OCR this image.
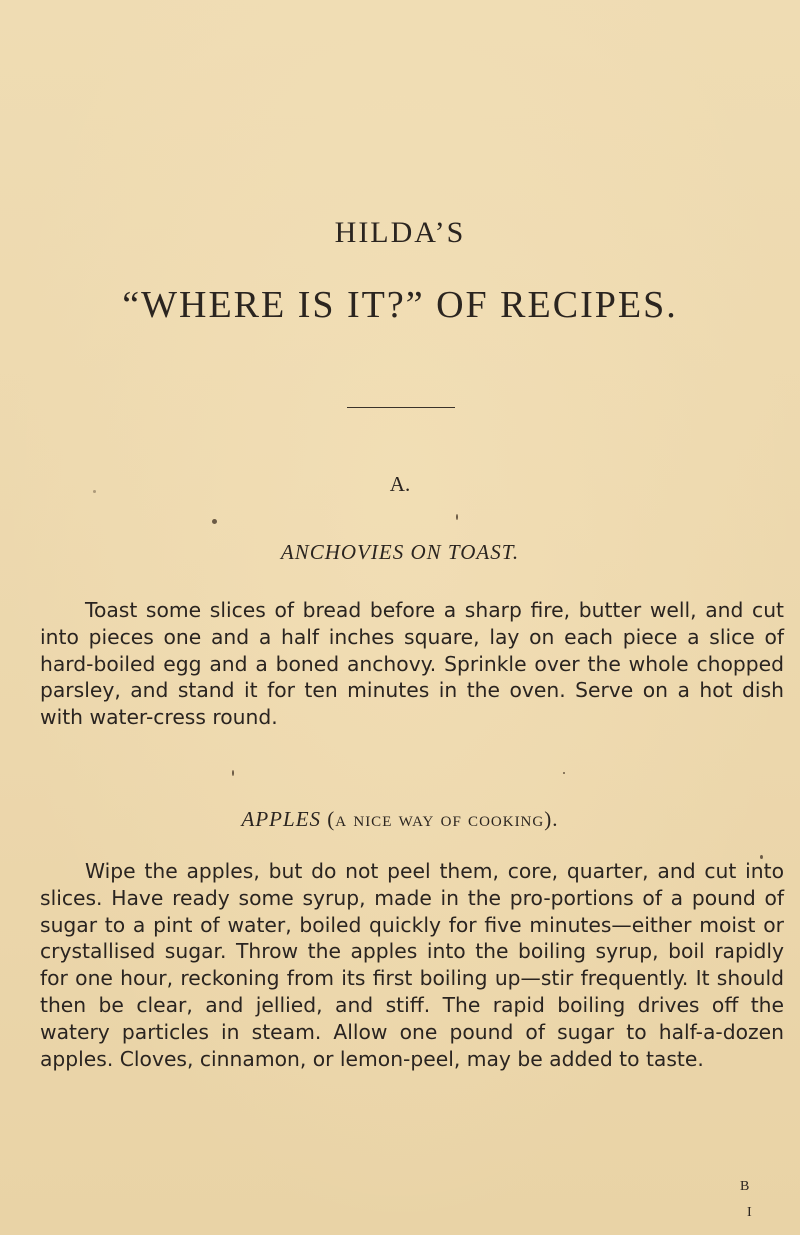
HILDA’S
“WHERE IS IT?” OF RECIPES.
A.
ANCHOVIES ON TOAST.

Toast some slices of bread before a sharp fire, butter well, and cut into pieces one and a half inches square, lay on each piece a slice of hard-boiled egg and a boned anchovy. Sprinkle over the whole chopped parsley, and stand it for ten minutes in the oven. Serve on a hot dish with water-cress round.

APPLES (a nice way of cooking).

Wipe the apples, but do not peel them, core, quarter, and cut into slices. Have ready some syrup, made in the pro-portions of a pound of sugar to a pint of water, boiled quickly for five minutes—either moist or crystallised sugar. Throw the apples into the boiling syrup, boil rapidly for one hour, reckoning from its first boiling up—stir frequently. It should then be clear, and jellied, and stiff. The rapid boiling drives off the watery particles in steam. Allow one pound of sugar to half-a-dozen apples. Cloves, cinnamon, or lemon-peel, may be added to taste.

B
I
